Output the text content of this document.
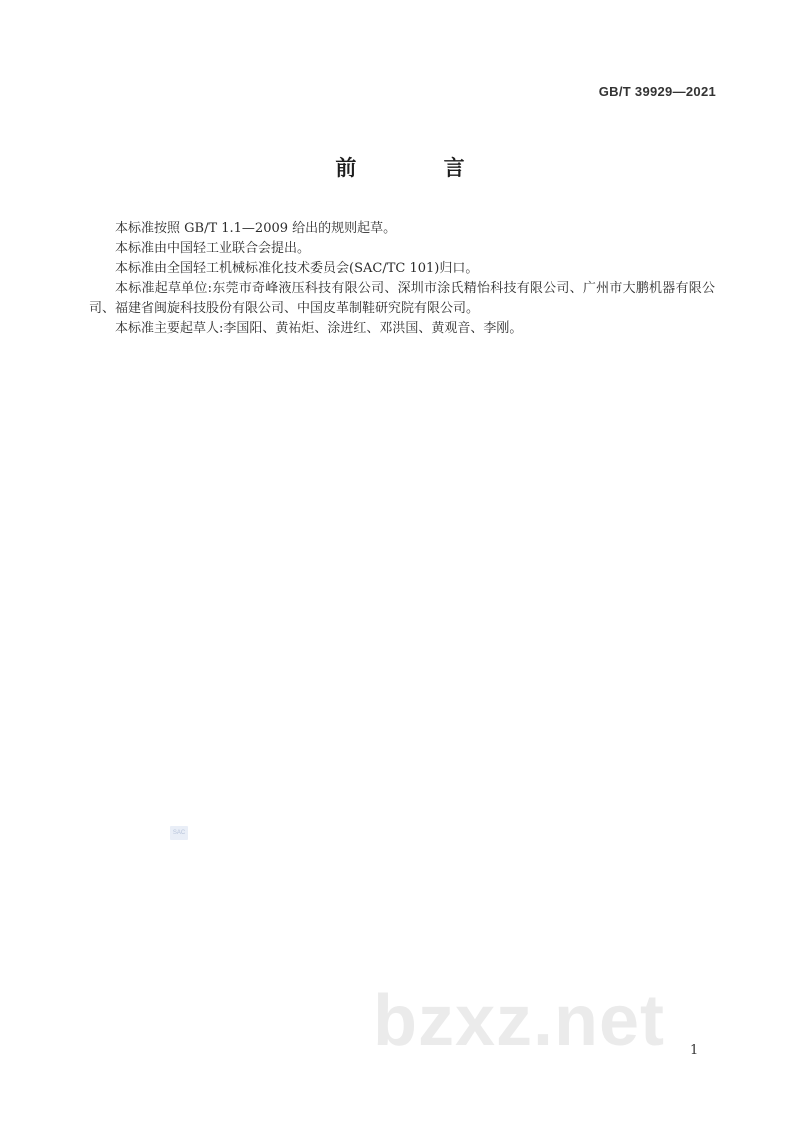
GB/T 39929—2021
前 言

本标准按照 GB/T 1.1—2009 给出的规则起草。

本标准由中国轻工业联合会提出。

本标准由全国轻工机械标准化技术委员会(SAC/TC 101)归口。

本标准起草单位:东莞市奇峰液压科技有限公司、深圳市涂氏精怡科技有限公司、广州市大鹏机器有限公司、福建省闽旋科技股份有限公司、中国皮革制鞋研究院有限公司。

本标准主要起草人:李国阳、黄祐炬、涂进红、邓洪国、黄观音、李刚。

SAC
bzxz.net 1
